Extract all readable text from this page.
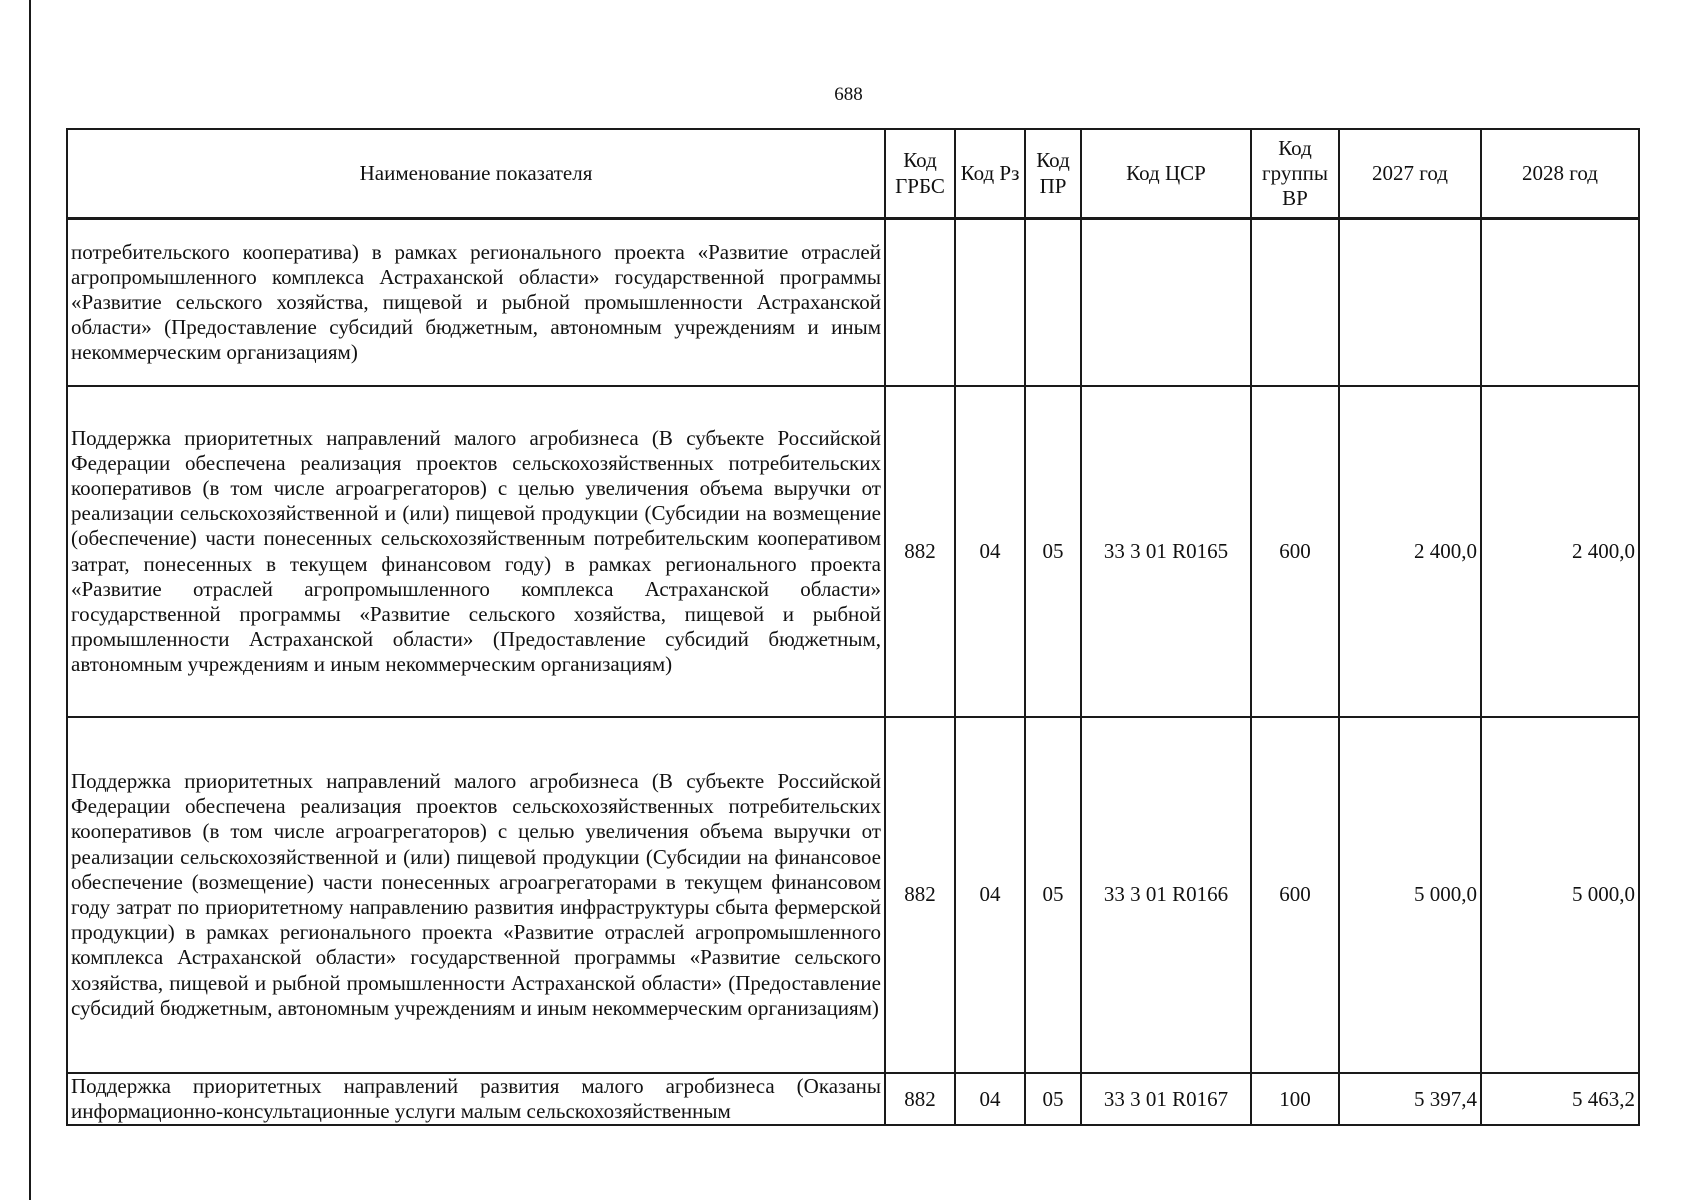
688
Наименование показателя	Код ГРБС	Код Рз	Код ПР	Код ЦСР	Код группы ВР	2027 год	2028 год
потребительского кооператива) в рамках регионального проекта «Развитие отраслей агропромышленного комплекса Астраханской области» государственной программы «Развитие сельского хозяйства, пищевой и рыбной промышленности Астраханской области» (Предоставление субсидий бюджетным, автономным учреждениям и иным некоммерческим организациям)							
Поддержка приоритетных направлений малого агробизнеса (В субъекте Российской Федерации обеспечена реализация проектов сельскохозяйственных потребительских кооперативов (в том числе агроагрегаторов) с целью увеличения объема выручки от реализации сельскохозяйственной и (или) пищевой продукции (Субсидии на возмещение (обеспечение) части понесенных сельскохозяйственным потребительским кооперативом затрат, понесенных в текущем финансовом году) в рамках регионального проекта «Развитие отраслей агропромышленного комплекса Астраханской области» государственной программы «Развитие сельского хозяйства, пищевой и рыбной промышленности Астраханской области» (Предоставление субсидий бюджетным, автономным учреждениям и иным некоммерческим организациям)	882	04	05	33 3 01 R0165	600	2 400,0	2 400,0
Поддержка приоритетных направлений малого агробизнеса (В субъекте Российской Федерации обеспечена реализация проектов сельскохозяйственных потребительских кооперативов (в том числе агроагрегаторов) с целью увеличения объема выручки от реализации сельскохозяйственной и (или) пищевой продукции (Субсидии на финансовое обеспечение (возмещение) части понесенных агроагрегаторами в текущем финансовом году затрат по приоритетному направлению развития инфраструктуры сбыта фермерской продукции) в рамках регионального проекта «Развитие отраслей агропромышленного комплекса Астраханской области» государственной программы «Развитие сельского хозяйства, пищевой и рыбной промышленности Астраханской области» (Предоставление субсидий бюджетным, автономным учреждениям и иным некоммерческим организациям)	882	04	05	33 3 01 R0166	600	5 000,0	5 000,0
Поддержка приоритетных направлений развития малого агробизнеса (Оказаны информационно-консультационные услуги малым сельскохозяйственным	882	04	05	33 3 01 R0167	100	5 397,4	5 463,2
